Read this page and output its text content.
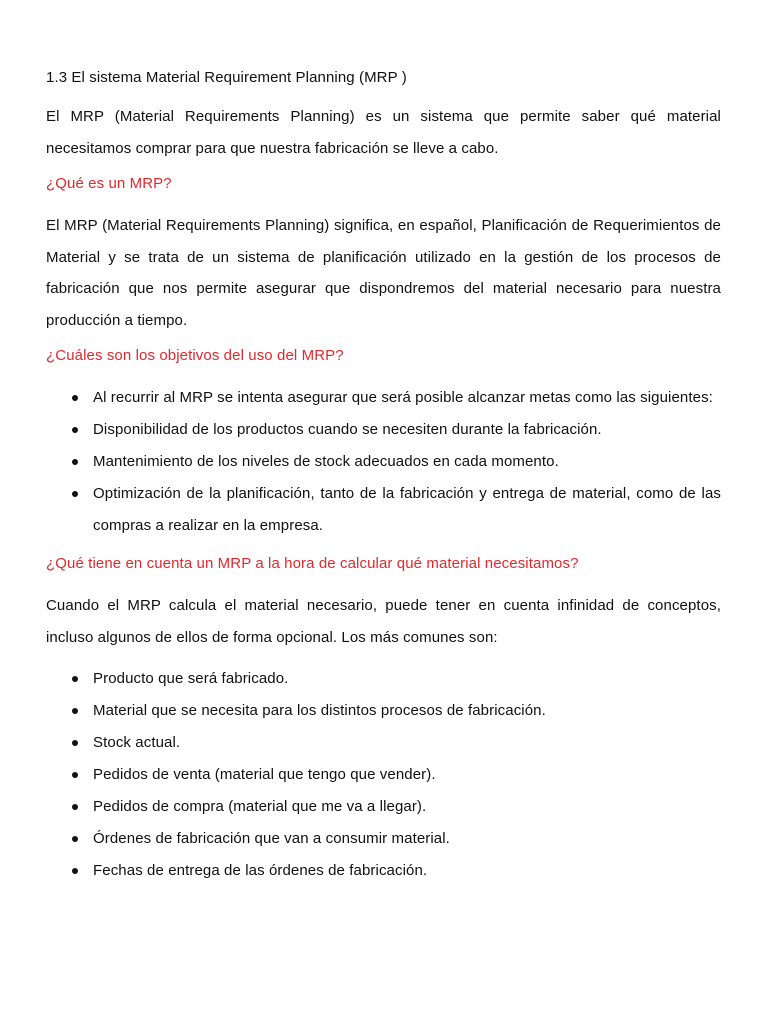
1.3 El sistema Material Requirement Planning (MRP )

El MRP (Material Requirements Planning) es un sistema que permite saber qué material necesitamos comprar para que nuestra fabricación se lleve a cabo.

¿Qué es un MRP?

El MRP (Material Requirements Planning) significa, en español, Planificación de Requerimientos de Material y se trata de un sistema de planificación utilizado en la gestión de los procesos de fabricación que nos permite asegurar que dispondremos del material necesario para nuestra producción a tiempo.

¿Cuáles son los objetivos del uso del MRP?

Al recurrir al MRP se intenta asegurar que será posible alcanzar metas como las siguientes:
Disponibilidad de los productos cuando se necesiten durante la fabricación.
Mantenimiento de los niveles de stock adecuados en cada momento.
Optimización de la planificación, tanto de la fabricación y entrega de material, como de las compras a realizar en la empresa.

¿Qué tiene en cuenta un MRP a la hora de calcular qué material necesitamos?

Cuando el MRP calcula el material necesario, puede tener en cuenta infinidad de conceptos, incluso algunos de ellos de forma opcional. Los más comunes son:

Producto que será fabricado.
Material que se necesita para los distintos procesos de fabricación.
Stock actual.
Pedidos de venta (material que tengo que vender).
Pedidos de compra (material que me va a llegar).
Órdenes de fabricación que van a consumir material.
Fechas de entrega de las órdenes de fabricación.
